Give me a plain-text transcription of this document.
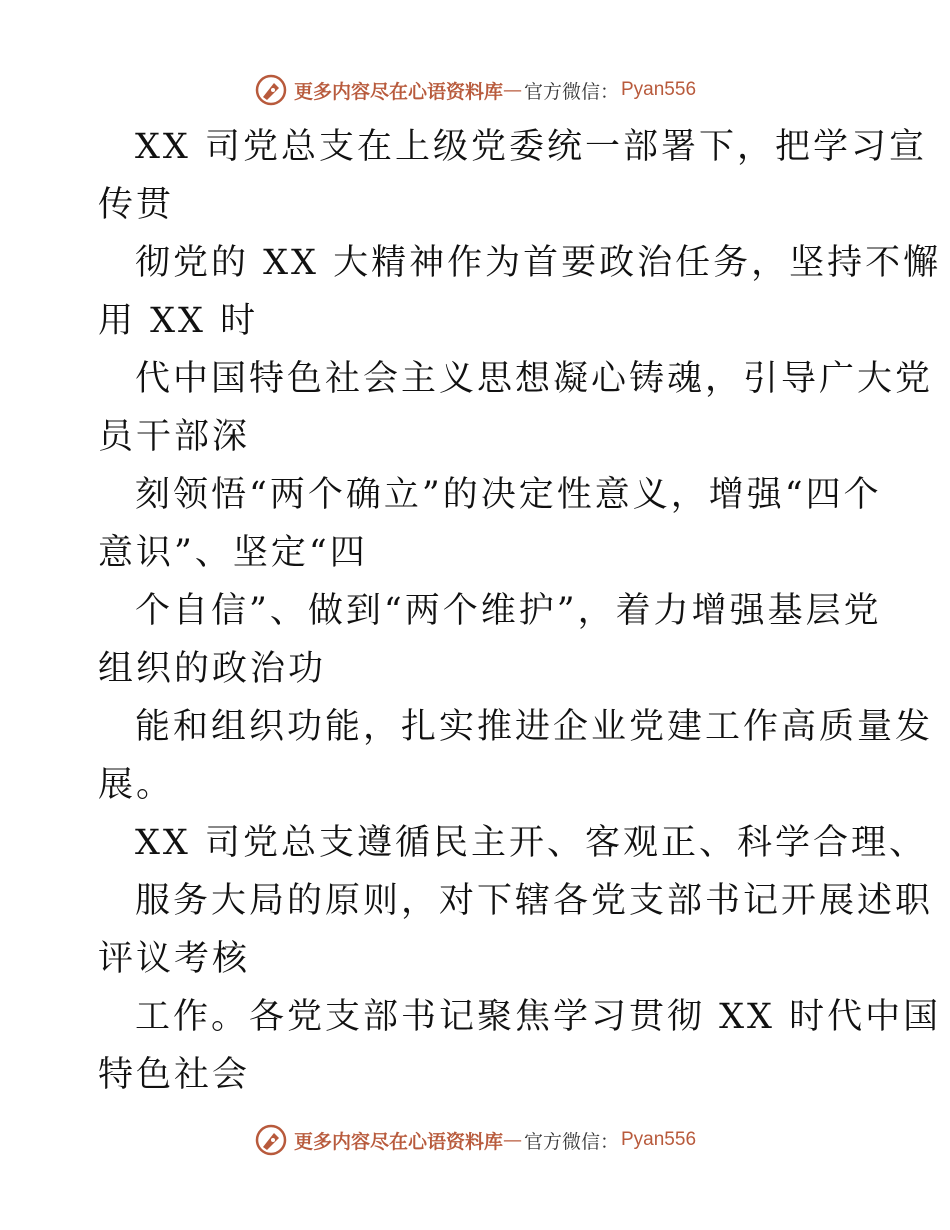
更多内容尽在心语资料库 — 官方微信： Pyan556

XX 司党总支在上级党委统一部署下，把学习宣
传贯

彻党的 XX 大精神作为首要政治任务，坚持不懈
用 XX 时

代中国特色社会主义思想凝心铸魂，引导广大党
员干部深

刻领悟“两个确立”的决定性意义，增强“四个
意识”、坚定“四

个自信”、做到“两个维护”，着力增强基层党
组织的政治功

能和组织功能，扎实推进企业党建工作高质量发
展。

XX 司党总支遵循民主开、客观正、科学合理、

服务大局的原则，对下辖各党支部书记开展述职
评议考核

工作。各党支部书记聚焦学习贯彻 XX 时代中国
特色社会

更多内容尽在心语资料库 — 官方微信： Pyan556
